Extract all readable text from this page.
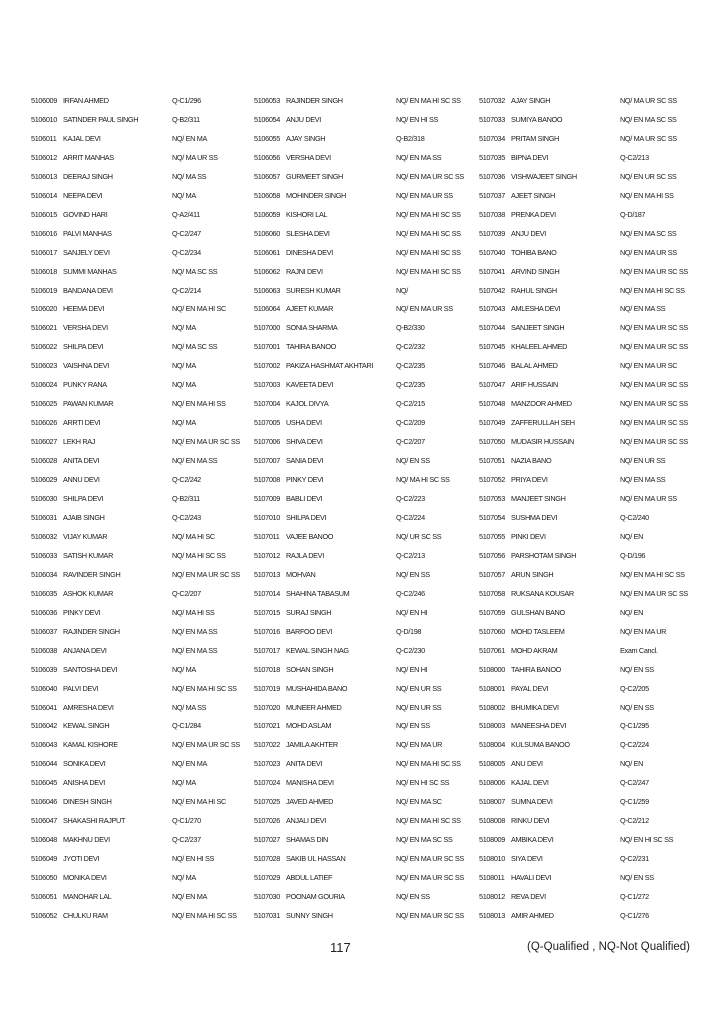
5106009 IRFAN AHMED	Q-C1/296
5106010 SATINDER PAUL SINGH	Q-B2/311
5106011 KAJAL DEVI	NQ/ EN MA
5106012 ARRIT MANHAS	NQ/ MA UR SS
5106013 DEERAJ SINGH	NQ/ MA SS
5106014 NEEPA DEVI	NQ/ MA
5106015 GOVIND HARI	Q-A2/411
5106016 PALVI MANHAS	Q-C2/247
5106017 SANJELY DEVI	Q-C2/234
5106018 SUMMI MANHAS	NQ/ MA SC SS
5106019 BANDANA DEVI	Q-C2/214
5106020 HEEMA DEVI	NQ/ EN MA HI SC
5106021 VERSHA DEVI	NQ/ MA
5106022 SHILPA DEVI	NQ/ MA SC SS
5106023 VAISHNA DEVI	NQ/ MA
5106024 PUNKY RANA	NQ/ MA
5106025 PAWAN KUMAR	NQ/ EN MA HI SS
5106026 ARRTI DEVI	NQ/ MA
5106027 LEKH RAJ	NQ/ EN MA UR SC SS
5106028 ANITA DEVI	NQ/ EN MA SS
5106029 ANNU DEVI	Q-C2/242
5106030 SHILPA DEVI	Q-B2/311
5106031 AJAIB SINGH	Q-C2/243
5106032 VIJAY KUMAR	NQ/ MA HI SC
5106033 SATISH KUMAR	NQ/ MA HI SC SS
5106034 RAVINDER SINGH	NQ/ EN MA UR SC SS
5106035 ASHOK KUMAR	Q-C2/207
5106036 PINKY DEVI	NQ/ MA HI SS
5106037 RAJINDER SINGH	NQ/ EN MA SS
5106038 ANJANA DEVI	NQ/ EN MA SS
5106039 SANTOSHA DEVI	NQ/ MA
5106040 PALVI DEVI	NQ/ EN MA HI SC SS
5106041 AMRESHA DEVI	NQ/ MA SS
5106042 KEWAL SINGH	Q-C1/284
5106043 KAMAL KISHORE	NQ/ EN MA UR SC SS
5106044 SONIKA DEVI	NQ/ EN MA
5106045 ANISHA DEVI	NQ/ MA
5106046 DINESH SINGH	NQ/ EN MA HI SC
5106047 SHAKASHI RAJPUT	Q-C1/270
5106048 MAKHNU DEVI	Q-C2/237
5106049 JYOTI DEVI	NQ/ EN HI SS
5106050 MONIKA DEVI	NQ/ MA
5106051 MANOHAR LAL	NQ/ EN MA
5106052 CHULKU RAM	NQ/ EN MA HI SC SS
5106053 RAJINDER SINGH	NQ/ EN MA HI SC SS
5106054 ANJU DEVI	NQ/ EN HI SS
5106055 AJAY SINGH	Q-B2/318
5106056 VERSHA DEVI	NQ/ EN MA SS
5106057 GURMEET SINGH	NQ/ EN MA UR SC SS
5106058 MOHINDER SINGH	NQ/ EN MA UR SS
5106059 KISHORI LAL	NQ/ EN MA HI SC SS
5106060 SLESHA DEVI	NQ/ EN MA HI SC SS
5106061 DINESHA DEVI	NQ/ EN MA HI SC SS
5106062 RAJNI DEVI	NQ/ EN MA HI SC SS
5106063 SURESH KUMAR	NQ/
5106064 AJEET KUMAR	NQ/ EN MA UR SS
5107000 SONIA SHARMA	Q-B2/330
5107001 TAHIRA BANOO	Q-C2/232
5107002 PAKIZA HASHMAT AKHTARI	Q-C2/235
5107003 KAVEETA DEVI	Q-C2/235
5107004 KAJOL DIVYA	Q-C2/215
5107005 USHA DEVI	Q-C2/209
5107006 SHIVA DEVI	Q-C2/207
5107007 SANIA DEVI	NQ/ EN SS
5107008 PINKY DEVI	NQ/ MA HI SC SS
5107009 BABLI DEVI	Q-C2/223
5107010 SHILPA DEVI	Q-C2/224
5107011 VAJEE BANOO	NQ/ UR SC SS
5107012 RAJLA DEVI	Q-C2/213
5107013 MOHVAN	NQ/ EN SS
5107014 SHAHINA TABASUM	Q-C2/246
5107015 SURAJ SINGH	NQ/ EN HI
5107016 BARFOO DEVI	Q-D/198
5107017 KEWAL SINGH NAG	Q-C2/230
5107018 SOHAN SINGH	NQ/ EN HI
5107019 MUSHAHIDA BANO	NQ/ EN UR SS
5107020 MUNEER AHMED	NQ/ EN UR SS
5107021 MOHD ASLAM	NQ/ EN SS
5107022 JAMILA AKHTER	NQ/ EN MA UR
5107023 ANITA DEVI	NQ/ EN MA HI SC SS
5107024 MANISHA DEVI	NQ/ EN HI SC SS
5107025 JAVED AHMED	NQ/ EN MA SC
5107026 ANJALI DEVI	NQ/ EN MA HI SC SS
5107027 SHAMAS DIN	NQ/ EN MA SC SS
5107028 SAKIB UL HASSAN	NQ/ EN MA UR SC SS
5107029 ABDUL LATIEF	NQ/ EN MA UR SC SS
5107030 POONAM GOURIA	NQ/ EN SS
5107031 SUNNY SINGH	NQ/ EN MA UR SC SS
5107032 AJAY SINGH	NQ/ MA UR SC SS
5107033 SUMIYA BANOO	NQ/ EN MA SC SS
5107034 PRITAM SINGH	NQ/ MA UR SC SS
5107035 BIPNA DEVI	Q-C2/213
5107036 VISHWAJEET SINGH	NQ/ EN UR SC SS
5107037 AJEET SINGH	NQ/ EN MA HI SS
5107038 PRENKA DEVI	Q-D/187
5107039 ANJU DEVI	NQ/ EN MA SC SS
5107040 TOHIBA BANO	NQ/ EN MA UR SS
5107041 ARVIND SINGH	NQ/ EN MA UR SC SS
5107042 RAHUL SINGH	NQ/ EN MA HI SC SS
5107043 AMLESHA DEVI	NQ/ EN MA SS
5107044 SANJEET SINGH	NQ/ EN MA UR SC SS
5107045 KHALEEL AHMED	NQ/ EN MA UR SC SS
5107046 BALAL AHMED	NQ/ EN MA UR SC
5107047 ARIF HUSSAIN	NQ/ EN MA UR SC SS
5107048 MANZOOR AHMED	NQ/ EN MA UR SC SS
5107049 ZAFFERULLAH SEH	NQ/ EN MA UR SC SS
5107050 MUDASIR HUSSAIN	NQ/ EN MA UR SC SS
5107051 NAZIA BANO	NQ/ EN UR SS
5107052 PRIYA DEVI	NQ/ EN MA SS
5107053 MANJEET SINGH	NQ/ EN MA UR SS
5107054 SUSHMA DEVI	Q-C2/240
5107055 PINKI DEVI	NQ/ EN
5107056 PARSHOTAM SINGH	Q-D/196
5107057 ARUN SINGH	NQ/ EN MA HI SC SS
5107058 RUKSANA KOUSAR	NQ/ EN MA UR SC SS
5107059 GULSHAN BANO	NQ/ EN
5107060 MOHD TASLEEM	NQ/ EN MA UR
5107061 MOHD AKRAM	Exam Cancl.
5108000 TAHIRA BANOO	NQ/ EN SS
5108001 PAYAL DEVI	Q-C2/205
5108002 BHUMIKA DEVI	NQ/ EN SS
5108003 MANEESHA DEVI	Q-C1/295
5108004 KULSUMA BANOO	Q-C2/224
5108005 ANU DEVI	NQ/ EN
5108006 KAJAL DEVI	Q-C2/247
5108007 SUMNA DEVI	Q-C1/259
5108008 RINKU DEVI	Q-C2/212
5108009 AMBIKA DEVI	NQ/ EN HI SC SS
5108010 SIYA DEVI	Q-C2/231
5108011 HAVALI DEVI	NQ/ EN SS
5108012 REVA DEVI	Q-C1/272
5108013 AMIR AHMED	Q-C1/276
117	(Q-Qualified , NQ-Not Qualified)
